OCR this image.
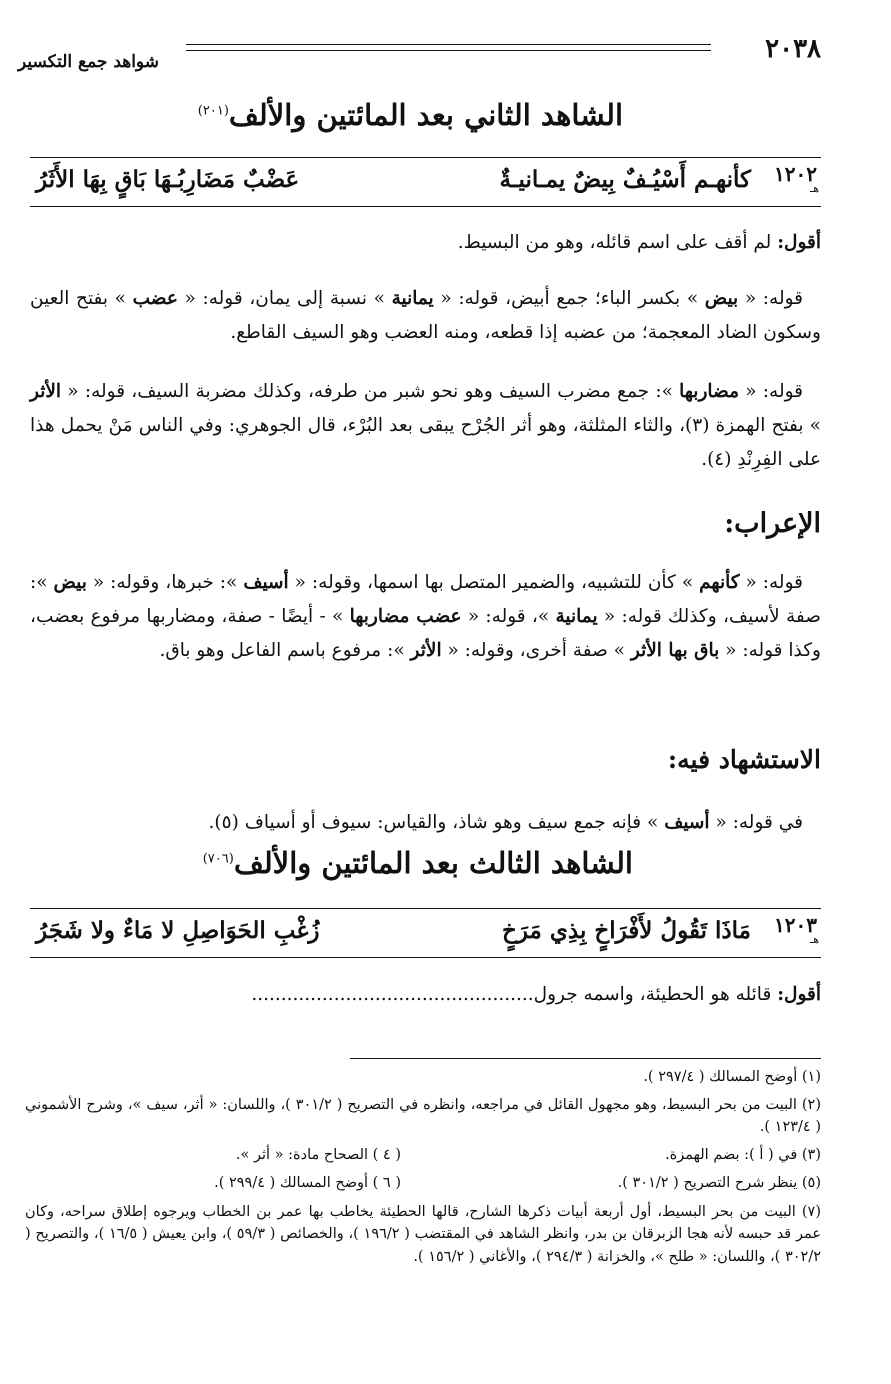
٢٠٣٨
شواهد جمع التكسير
الشاهد الثاني بعد المائتين والألف$^{(٢٠١)}$
١٢٠٢
هـ
كأنهـم أَسْيُـفٌ بِيضٌ يمـانيـةٌ
عَضْبٌ مَضَارِبُـهَا بَاقٍ بِهَا الأَثَرُ
أقول: لم أقف على اسم قائله، وهو من البسيط.
قوله: « بيض » بكسر الباء؛ جمع أبيض، قوله: « يمانية » نسبة إلى يمان، قوله: « عضب » بفتح العين وسكون الضاد المعجمة؛ من عضبه إذا قطعه، ومنه العضب وهو السيف القاطع.
قوله: « مضاربها »: جمع مضرب السيف وهو نحو شبر من طرفه، وكذلك مضربة السيف، قوله: « الأثر » بفتح الهمزة (٣)، والثاء المثلثة، وهو أثر الجُرْح يبقى بعد البُرْء، قال الجوهري: وفي الناس مَنْ يحمل هذا على الفِرِنْدِ (٤).
الإعراب:
قوله: « كأنهم » كأن للتشبيه، والضمير المتصل بها اسمها، وقوله: « أسيف »: خبرها، وقوله: « بيض »: صفة لأسيف، وكذلك قوله: « يمانية »، قوله: « عضب مضاربها » - أيضًا - صفة، ومضاربها مرفوع بعضب، وكذا قوله: « باق بها الأثر » صفة أخرى، وقوله: « الأثر »: مرفوع باسم الفاعل وهو باق.
الاستشهاد فيه:
في قوله: « أسيف » فإنه جمع سيف وهو شاذ، والقياس: سيوف أو أسياف (٥).
الشاهد الثالث بعد المائتين والألف$^{(٧٠٦)}$
١٢٠٣
هـ
مَاذَا تَقُولُ لأَفْرَاخٍ بِذِي مَرَخٍ
زُغْبِ الحَوَاصِلِ لا مَاءٌ ولا شَجَرُ
أقول: قائله هو الحطيئة، واسمه جرول................................................
(١) أوضح المسالك ( ٢٩٧/٤ ).
(٢) البيت من بحر البسيط، وهو مجهول القائل في مراجعه، وانظره في التصريح ( ٣٠١/٢ )، واللسان: « أثر، سيف »، وشرح الأشموني ( ١٢٣/٤ ).
(٣) في ( أ ): بضم الهمزة.
( ٤ ) الصحاح مادة: « أثر ».
(٥) ينظر شرح التصريح ( ٣٠١/٢ ).
( ٦ ) أوضح المسالك ( ٢٩٩/٤ ).
(٧) البيت من بحر البسيط، أول أربعة أبيات ذكرها الشارح، قالها الحطيئة يخاطب بها عمر بن الخطاب ويرجوه إطلاق سراحه، وكان عمر قد حبسه لأنه هجا الزبرقان بن بدر، وانظر الشاهد في المقتضب ( ١٩٦/٢ )، والخصائص ( ٥٩/٣ )، وابن يعيش ( ١٦/٥ )، والتصريح ( ٣٠٢/٢ )، واللسان: « طلح »، والخزانة ( ٢٩٤/٣ )، والأغاني ( ١٥٦/٢ ).
